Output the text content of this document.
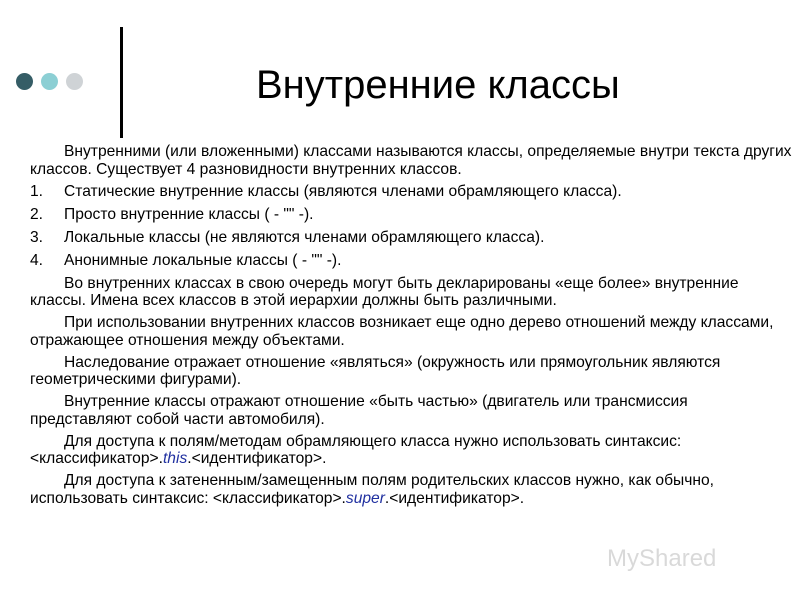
Внутренние классы

Внутренними (или вложенными) классами называются классы, определяемые внутри текста других классов. Существует 4 разновидности внутренних классов.

1. Статические внутренние классы (являются членами обрамляющего класса).
2. Просто внутренние классы ( - "" -).
3. Локальные классы (не являются членами обрамляющего класса).
4. Анонимные локальные классы ( - "" -).

Во внутренних классах в свою очередь могут быть декларированы «еще более» внутренние классы. Имена всех классов в этой иерархии должны быть различными.

При использовании внутренних классов возникает еще одно дерево отношений между классами, отражающее отношения между объектами.

Наследование отражает отношение «являться» (окружность или прямоугольник являются геометрическими фигурами).

Внутренние классы отражают отношение «быть частью» (двигатель или трансмиссия представляют собой части автомобиля).

Для доступа к полям/методам обрамляющего класса нужно использовать синтаксис: <классификатор>.this.<идентификатор>.

Для доступа к затененным/замещенным полям родительских классов нужно, как обычно, использовать синтаксис: <классификатор>.super.<идентификатор>.

MyShared
